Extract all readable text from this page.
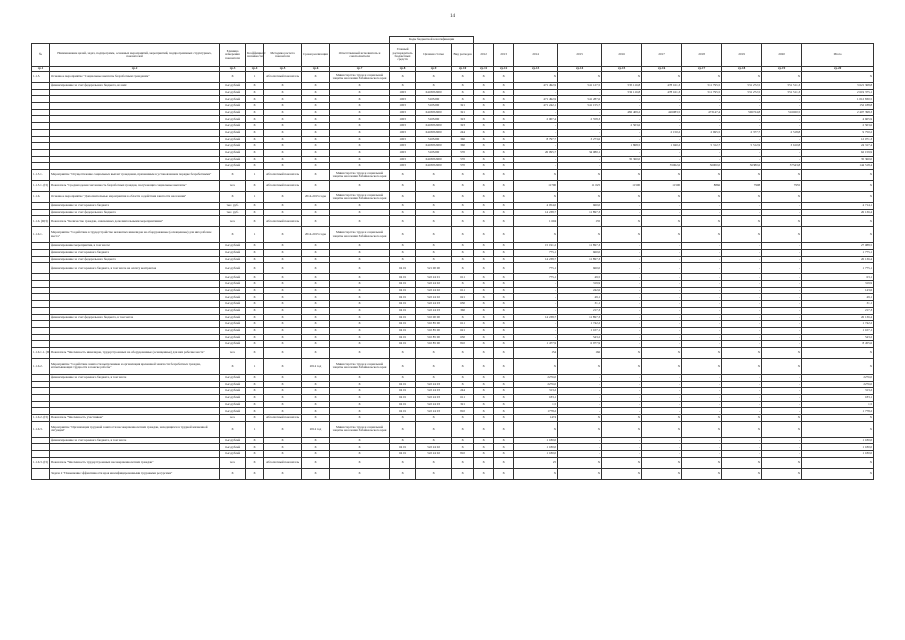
14
							Коды бюджетной классификации												
№	Наименование целей, задач, подпрограмм, основных мероприятий, мероприятий, подпрограммных структурных, показателей	Единица измерения показателя	Коэффициент значимости	Методика расчета показателя	Сроки реализации	Ответственный исполнитель и соисполнители	Главный распорядитель бюджетных средств	Целевая статья	Вид расходов	2012	2013	2014	2015	2016	2017	2018	2019	2020	Итого
гр.1	гр.2	гр.3	гр.4	гр.5	гр.6	гр.7	гр.8	гр.9	гр.10	гр.11	гр.12	гр.13	гр.14	гр.15	гр.16	гр.17	гр.18	гр.19	гр.20
1.1.5.	Основное мероприятие "Социальные выплаты безработным гражданам"	X	1	Абсолютный показатель	X	Министерство труда и социальной защиты населения Забайкальского края	X	X	X	X	X	X	X	X	X	X	X	X	X
	финансирование за счет федерального бюджета, из них:	тыс.рублей	X	X	X	X	X	X	X	X	X	471 492,9	541 127,5	535 116,8	478 161,3	511 795,5	531 272,5	551 511,3	3 621 368,8
		тыс.рублей	X	X	X	X	1003	6418052900	X	X	X	-	-	532 116,8	478 161,3	511 795,5	531 272,5	551 511,3	2 619 375,1
		тыс.рублей	X	X	X	X	1003	5105290	X	X	X	471 492,9	541 287,6	-	-	-	-	-	1 012 830,5
		тыс.рублей	X	X	X	X	1003	5105290	321	X	X	471 242,1	541 155,7	-	-	-	-	-	152 188,8
		тыс.рублей	X	X	X	X	1003	6418052900	321	X	X	-	-	482 409,2	426083,5	473147,4	506724,8	516020,5	2 407 398,3
		тыс.рублей	X	X	X	X	1003	5105290	323	X	X	2 007,4	2 558,3	-	-	-	-	-	4 605,9
		тыс.рублей	X	X	X	X	1003	6418052900	323	X	X	-	-	2 503,6	-	-	-	-	2 503,6
		тыс.рублей	X	X	X	X	1003	6418052900	244	X	X	-	-	-	2 150,2	2 695,5	2 377,7	2 518,8	9 750,2
		тыс.рублей	X	X	X	X	1003	5105290	360	X	X	8 797,7	3 273,6	-	-	-	-	-	12 071,3
		тыс.рублей	X	X	X	X	1003	6418052900	360	X	X	-	-	1 868,5	1 940,2	5 312,7	5 512,9	3 610,8	24 317,4
		тыс.рублей	X	X	X	X	1003	5105290	570	X	X	26 095,7	34 080,1	-	-	-	-	-	62 159,9
		тыс.рублей	X	X	X	X	1003	6418052900	570	X	X	-	-	35 360,0	-	-	-	-	35 360,0
		тыс.рублей	X	X	X	X	1003	6418052900	570	X	X	-	-	-	35062,6	36000,0	36380,6	37543,8	144 518,4
1.1.5.1.	Мероприятие "Осуществление социальных выплат гражданам, признанным в установленном порядке безработными"	X	1	Абсолютный показатель	X	Министерство труда и социальной защиты населения Забайкальского края	X	X	X	X	X	X	X	X	X	X	X	X	X
1.1.5.1. (П)	Показатель "Среднегодовая численность безработных граждан, получающих социальные выплаты"	чел.	X	Абсолютный показатель	X	X	X	X	X	X	X	11790	11 025	11500	11500	8866	7908	7955	X
1.1.6.	Основное мероприятие "Дополнительные мероприятия в области содействия занятости населения"	X	1	X	2014-2015 годы	Министерство труда и социальной защиты населения Забайкальского края	X	X	X	X	X	X	X	X	X	X	X	X	X
	финансирование за счет краевого бюджета	тыс. руб.	X	X	X	X	X	X	X	X	X	4 054,0	660,0	-	-	-	-	-	4 714,1
	финансирование за счет федерального бюджета	тыс. руб.	X	X	X	X	X	X	X	X	X	14 238,7	11 897,3	-	-	-	-	-	26 136,4
1.1.6. (ЦП)	Показатель "Количество граждан, охваченных дополнительными мероприятиями"	чел.	X	Абсолютный показатель	X	X	X	X	X	X	X	1 604	135	X	X	X	X	X	X
1.1.6.1.	Мероприятие "Содействие в трудоустройстве незанятых инвалидов на оборудованные (оснащенные) для них рабочие места"	X	1	X	2014-2015 годы	Министерство труда и социальной защиты населения Забайкальского края	X	X	X	X	X	X	X	X	X	X	X	X	X
	финансирование мероприятия, в том числе:	тыс.рублей	X	X	X	X	X	X	X	X	X	15 191,2	11 897,3	-	-	-	-	-	27 088,5
	финансирование за счет краевого бюджета	тыс.рублей	X	X	X	X	X	X	X	X	X	775,1	660,0	-	-	-	-	-	1 775,1
	финансирование за счет федерального бюджета	тыс.рублей	X	X	X	X	X	X	X	X	X	14 238,7	11 897,3	-	-	-	-	-	26 136,4
	финансирование за счет краевого бюджета, в том числе на оплату контрактов	тыс.рублей	X	X	X	X	04 01	521 00 00	X	X	X	775,1	660,0	-	-	-	-	-	1 775,1
		тыс.рублей	X	X	X	X	04 01	522 24 01	611	X	X	775,1	49,5	-	-	-	-	-	63,1
		тыс.рублей	X	X	X	X	04 01	522 24 02	X	X	X	-	319,9	-	-	-	-	-	319,9
		тыс.рублей	X	X	X	X	04 01	522 24 02	611	X	X	-	242,6	-	-	-	-	-	143,6
		тыс.рублей	X	X	X	X	04 01	522 24 02	621	X	X	-	49,1	-	-	-	-	-	49,1
		тыс.рублей	X	X	X	X	04 01	522 24 03	630	X	X	-	31,1	-	-	-	-	-	31,1
		тыс.рублей	X	X	X	X	04 01	522 24 03	360	X	X	-	217,3	-	-	-	-	-	217,3
	финансирование за счет федерального бюджета, в том числе	тыс.рублей	X	X	X	X	04 01	510 00 00	X	X	X	14 238,7	11 897,3	-	-	-	-	-	26 136,4
		тыс.рублей	X	X	X	X	04 01	510 85 00	611	X	X	-	1 742,2	-	-	-	-	-	1 742,2
		тыс.рублей	X	X	X	X	04 01	510 85 00	621	X	X	-	1 107,1	-	-	-	-	-	1 107,1
		тыс.рублей	X	X	X	X	04 01	510 85 00	630	X	X	-	543,2	-	-	-	-	-	543,2
		тыс.рублей	X	X	X	X	04 01	510 85 00	810	X	X	1 477,9	6 977,9	-	-	-	-	-	8 455,6
1.1.6.1.1. (П)	Показатель "Численность инвалидов, трудоустроенных на оборудованные (оснащенные) для них рабочие места"	чел.	X	X	X	X	X	X	X	X	X	154	166	X	X	X	X	X	X
1.1.6.2.	Мероприятие "Содействие занятости выпускников и организация временной занятости безработных граждан, испытывающих трудности в поиске работы"	X	1	X	2014 год	Министерство труда и социальной защиты населения Забайкальского края	X	X	X	X	X	X	X	X	X	X	X	X	X
	финансирование за счет краевого бюджета, в том числе	тыс.рублей	X	X	X	X	X	X	X	X	X	2276,0	-	-	-	-	-	-	2276,0
		тыс.рублей	X	X	X	X	04 01	522 24 03	X	X	X	2276,0	-	-	-	-	-	-	2276,0
		тыс.рублей	X	X	X	X	04 01	522 24 03	244	X	X	313,2	-	-	-	-	-	-	313,2
		тыс.рублей	X	X	X	X	04 01	522 24 03	611	X	X	183,1	-	-	-	-	-	-	183,1
		тыс.рублей	X	X	X	X	04 01	522 24 03	321	X	X	1,5	-	-	-	-	-	-	1,5
		тыс.рублей	X	X	X	X	04 01	522 24 03	810	X	X	1778,2	-	-	-	-	-	-	1 778,2
1.1.6.2. (П)	Показатель "Численность участников"	чел.	X	Абсолютный показатель	X	X	X	X	X	X	X	1474	X	X	X	X	X	X	X
1.1.6.3.	Мероприятие "Организация трудовой занятости несовершеннолетних граждан, находящихся в трудной жизненной ситуации"	X	1	X	2014 год	Министерство труда и социальной защиты населения Забайкальского края	X	X	X	X	X	X	X	X	X	X	X	X	X
	финансирование за счет краевого бюджета, в том числе	тыс.рублей	X	X	X	X	X	X	X	X	X	1 180,0	-	-	-	-	-	-	1 180,0
		тыс.рублей	X	X	X	X	04 01	522 24 02	X	X	X	1 180,0	-	-	-	-	-	-	1 180,0
		тыс.рублей	X	X	X	X	04 01	522 24 02	810	X	X	1 180,0	-	-	-	-	-	-	1 180,0
1.1.6.3. (П)	Показатель "Численность трудоустроенных несовершеннолетних граждан"	чел.	X	Абсолютный показатель	X	X	X	X	X	X	X	25	X	X	X	X	X	X	X
	Задача 2 "Повышение эффективности края квалифицированными трудовыми ресурсами"	X	X	X	X	X	X	X	X	X	X	X	X	X	X	X	X	X	X
